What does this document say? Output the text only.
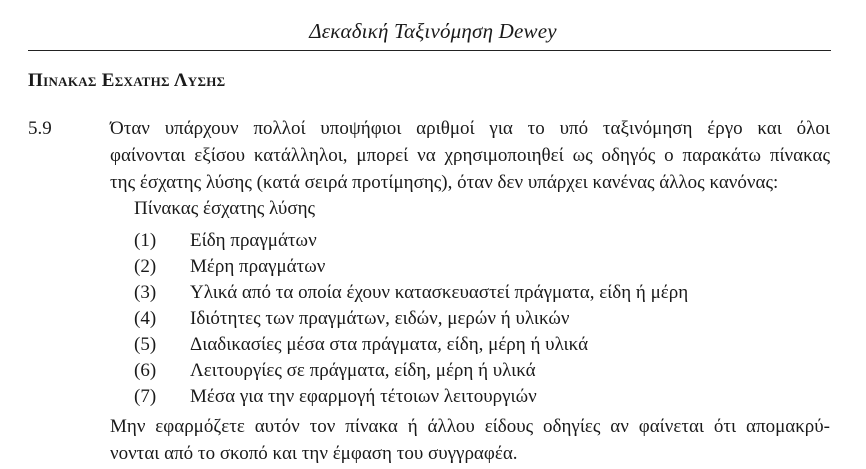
Δεκαδική Ταξινόμηση Dewey
Πινακας Εσχατης Λυσης
5.9	Όταν υπάρχουν πολλοί υποψήφιοι αριθμοί για το υπό ταξινόμηση έργο και όλοι
φαίνονται εξίσου κατάλληλοι, μπορεί να χρησιμοποιηθεί ως οδηγός ο παρακάτω πίνακας
της έσχατης λύσης (κατά σειρά προτίμησης), όταν δεν υπάρχει κανένας άλλος κανόνας:
Πίνακας έσχατης λύσης
(1) Είδη πραγμάτων
(2) Μέρη πραγμάτων
(3) Υλικά από τα οποία έχουν κατασκευαστεί πράγματα, είδη ή μέρη
(4) Ιδιότητες των πραγμάτων, ειδών, μερών ή υλικών
(5) Διαδικασίες μέσα στα πράγματα, είδη, μέρη ή υλικά
(6) Λειτουργίες σε πράγματα, είδη, μέρη ή υλικά
(7) Μέσα για την εφαρμογή τέτοιων λειτουργιών
Μην εφαρμόζετε αυτόν τον πίνακα ή άλλου είδους οδηγίες αν φαίνεται ότι απομακρύ-
νονται από το σκοπό και την έμφαση του συγγραφέα.
